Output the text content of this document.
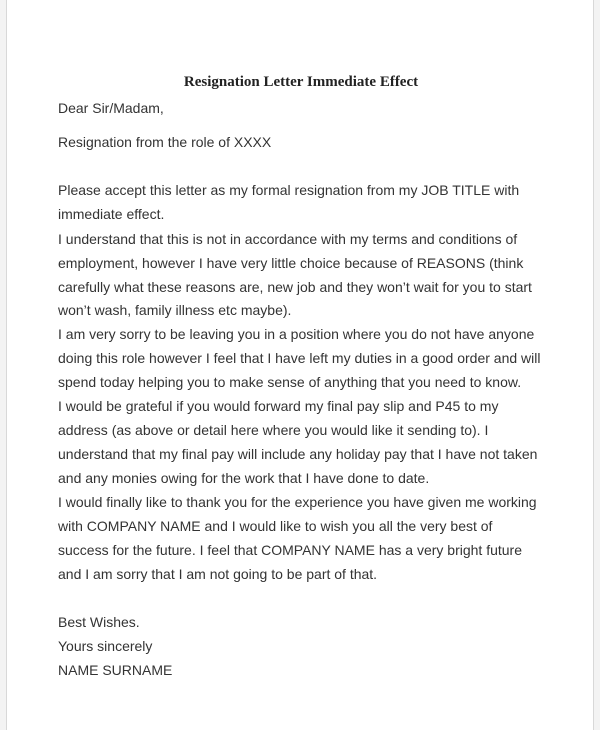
Resignation Letter Immediate Effect
Dear Sir/Madam,
Resignation from the role of XXXX
Please accept this letter as my formal resignation from my JOB TITLE with
immediate effect.
I understand that this is not in accordance with my terms and conditions of
employment, however I have very little choice because of REASONS (think
carefully what these reasons are, new job and they won’t wait for you to start
won’t wash, family illness etc maybe).
I am very sorry to be leaving you in a position where you do not have anyone
doing this role however I feel that I have left my duties in a good order and will
spend today helping you to make sense of anything that you need to know.
I would be grateful if you would forward my final pay slip and P45 to my
address (as above or detail here where you would like it sending to). I
understand that my final pay will include any holiday pay that I have not taken
and any monies owing for the work that I have done to date.
I would finally like to thank you for the experience you have given me working
with COMPANY NAME and I would like to wish you all the very best of
success for the future. I feel that COMPANY NAME has a very bright future
and I am sorry that I am not going to be part of that.
Best Wishes.
Yours sincerely
NAME SURNAME
